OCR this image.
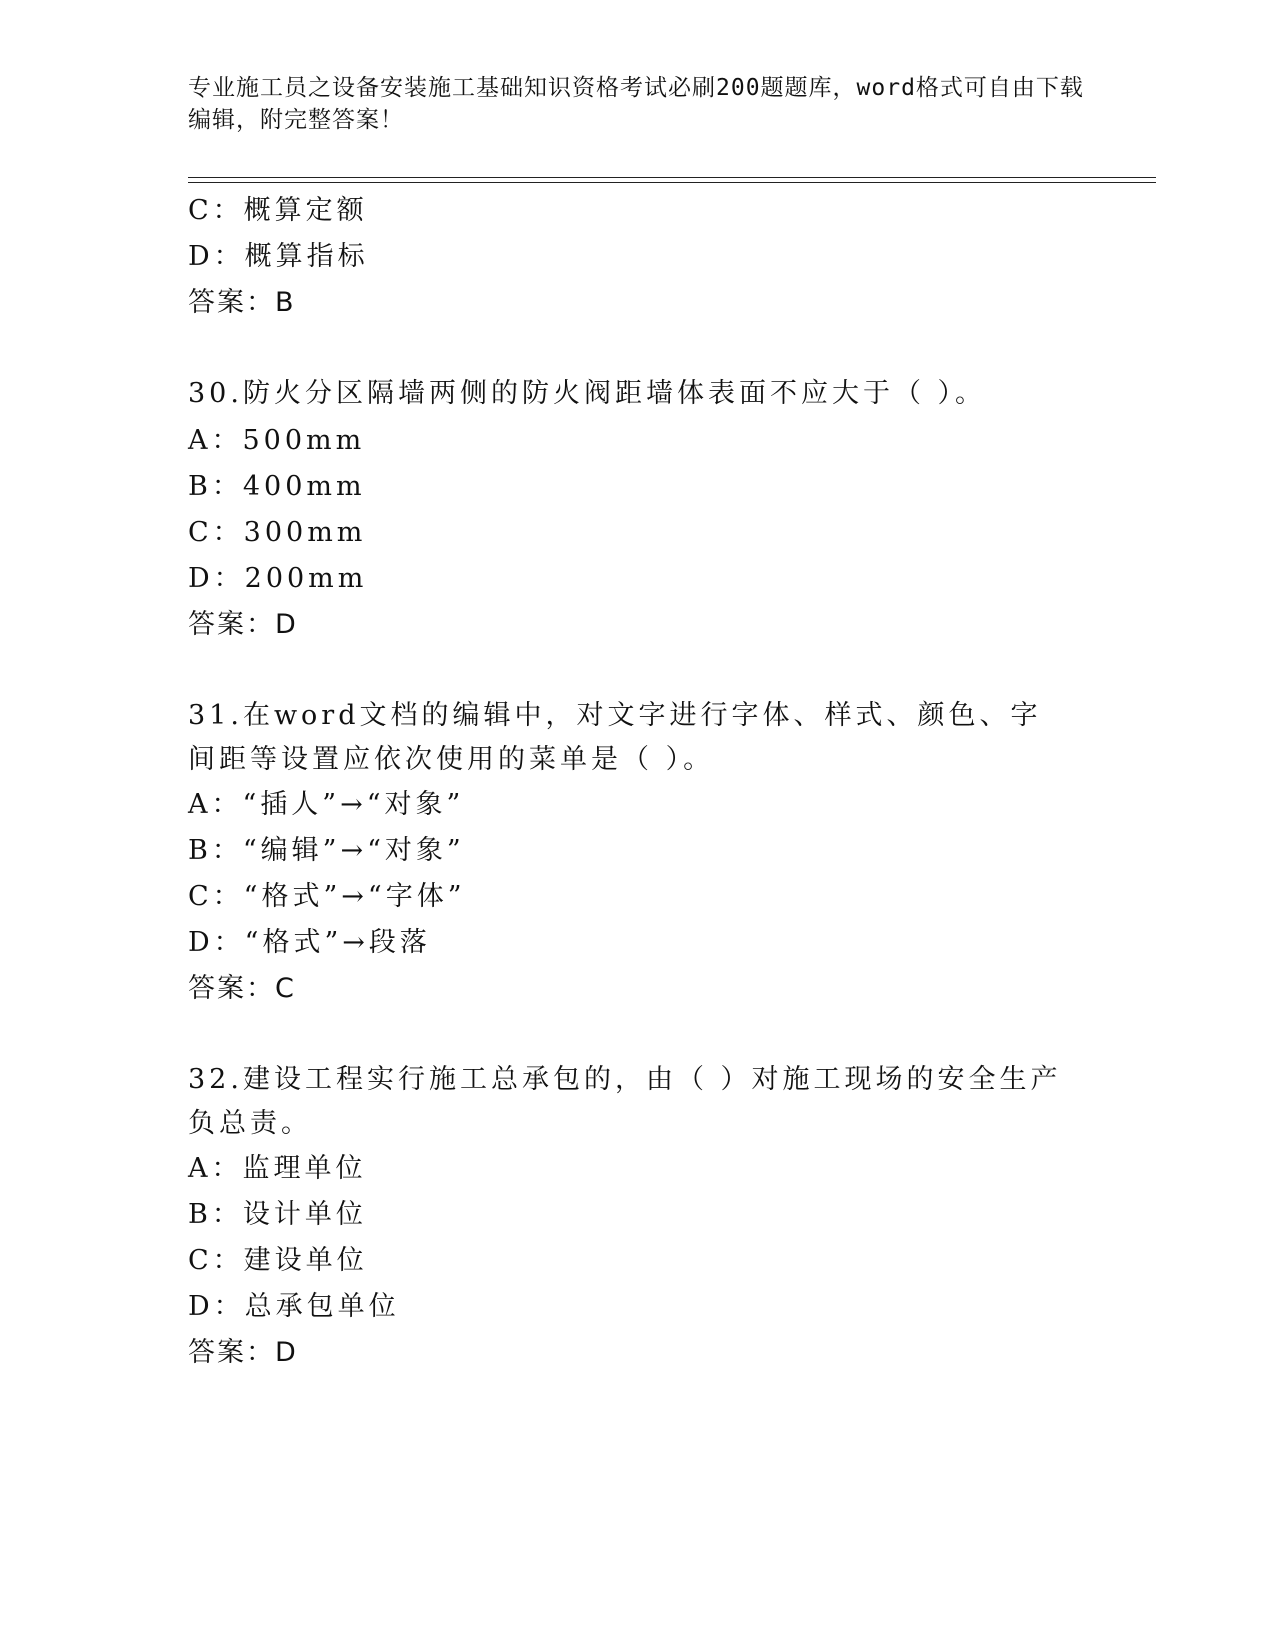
专业施工员之设备安装施工基础知识资格考试必刷200题题库，word格式可自由下载编辑，附完整答案！
C：概算定额
D：概算指标
答案：B
30.防火分区隔墙两侧的防火阀距墙体表面不应大于（ ）。
A：500mm
B：400mm
C：300mm
D：200mm
答案：D
31.在word文档的编辑中，对文字进行字体、样式、颜色、字间距等设置应依次使用的菜单是（ ）。
A：“插人”→“对象”
B：“编辑”→“对象”
C：“格式”→“字体”
D：“格式”→段落
答案：C
32.建设工程实行施工总承包的，由（ ）对施工现场的安全生产负总责。
A：监理单位
B：设计单位
C：建设单位
D：总承包单位
答案：D
